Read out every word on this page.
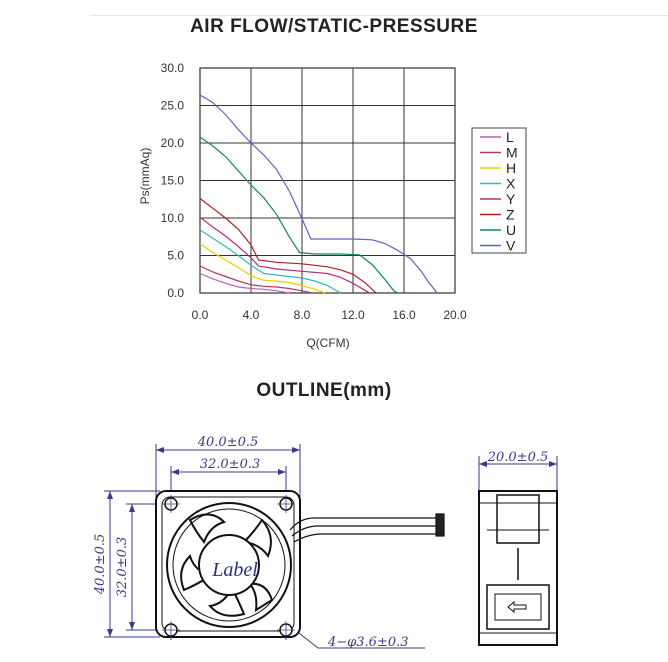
AIR FLOW/STATIC-PRESSURE
OUTLINE(mm)
0.0	4.0	8.0	12.0 16.0 20.0
0.0
5.0
10.0
15.0
20.0
25.0
30.0
Q(CFM)
Ps(mmAq)
L
M
H
X
Y
Z
U
V
40.0±0.5
32.0±0.3
40.0±0.5 32.0±0.3
4−φ3.6±0.3
Label
20.0±0.5
